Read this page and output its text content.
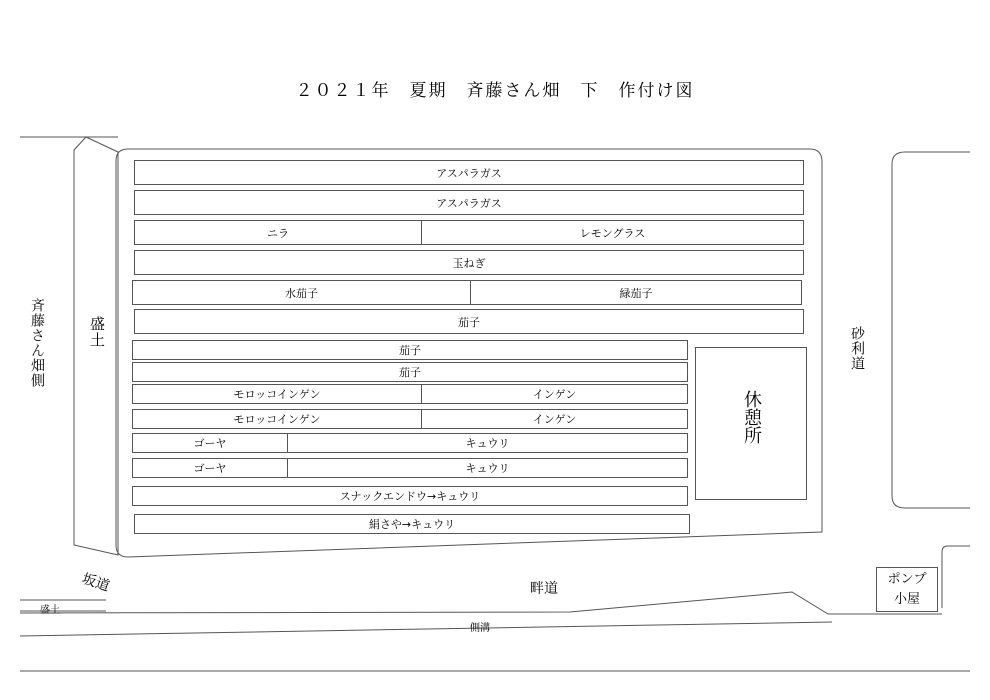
２０２１年　夏期　斉藤さん畑　下　作付け図
アスパラガス
アスパラガス
ニラ	レモングラス
玉ねぎ
水茄子	緑茄子
茄子
茄子
茄子
モロッコインゲン	インゲン
モロッコインゲン	インゲン
ゴーヤ	キュウリ
ゴーヤ	キュウリ
スナックエンドウ→キュウリ
絹さや→キュウリ
休憩所
斉藤さん畑側	盛土	砂利道
坂道	畔道
盛土
側溝
ポンプ
小屋
